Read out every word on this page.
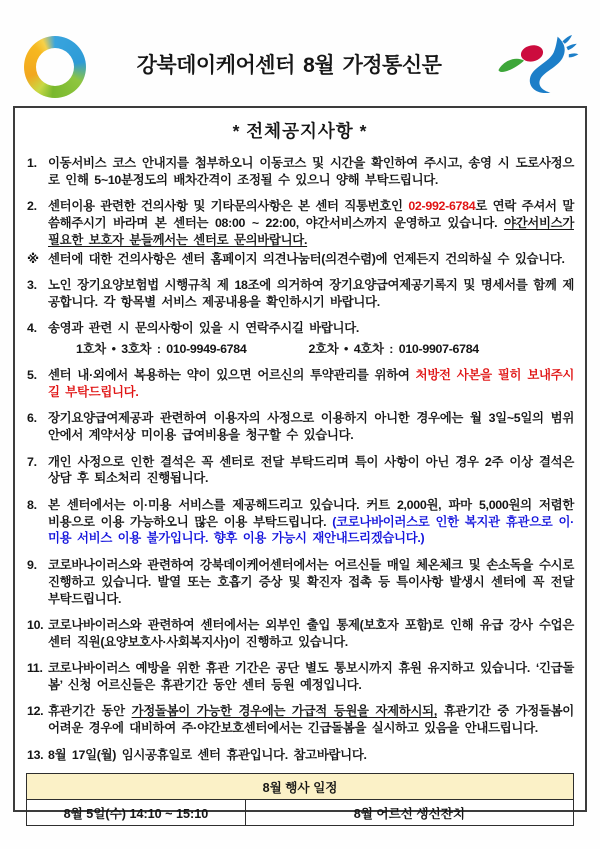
강북데이케어센터 8월 가정통신문
* 전체공지사항 *

1. 이동서비스 코스 안내지를 첨부하오니 이동코스 및 시간을 확인하여 주시고, 송영 시 도로사정으로 인해 5~10분정도의 배차간격이 조정될 수 있으니 양해 부탁드립니다.

2. 센터이용 관련한 건의사항 및 기타문의사항은 본 센터 직통번호인 02-992-6784로 연락 주셔서 말씀해주시기 바라며 본 센터는 08:00 ~ 22:00, 야간서비스까지 운영하고 있습니다. 야간서비스가 필요한 보호자 분들께서는 센터로 문의바랍니다.

※ 센터에 대한 건의사항은 센터 홈페이지 의견나눔터(의견수렴)에 언제든지 건의하실 수 있습니다.

3. 노인 장기요양보험법 시행규칙 제 18조에 의거하여 장기요양급여제공기록지 및 명세서를 함께 제공합니다. 각 항목별 서비스 제공내용을 확인하시기 바랍니다.

4. 송영과 관련 시 문의사항이 있을 시 연락주시길 바랍니다.

1호차 • 3호차 : 010-9949-6784	2호차 • 4호차 : 010-9907-6784

5. 센터 내·외에서 복용하는 약이 있으면 어르신의 투약관리를 위하여 처방전 사본을 필히 보내주시길 부탁드립니다.

6. 장기요양급여제공과 관련하여 이용자의 사정으로 이용하지 아니한 경우에는 월 3일~5일의 범위 안에서 계약서상 미이용 급여비용을 청구할 수 있습니다.

7. 개인 사정으로 인한 결석은 꼭 센터로 전달 부탁드리며 특이 사항이 아닌 경우 2주 이상 결석은 상담 후 퇴소처리 진행됩니다.

8. 본 센터에서는 이·미용 서비스를 제공해드리고 있습니다. 커트 2,000원, 파마 5,000원의 저렴한 비용으로 이용 가능하오니 많은 이용 부탁드립니다. (코로나바이러스로 인한 복지관 휴관으로 이·미용 서비스 이용 불가입니다. 향후 이용 가능시 재안내드리겠습니다.)

9. 코로바나이러스와 관련하여 강북데이케어센터에서는 어르신들 매일 체온체크 및 손소독을 수시로 진행하고 있습니다. 발열 또는 호흡기 증상 및 확진자 접촉 등 특이사항 발생시 센터에 꼭 전달 부탁드립니다.

10. 코로나바이러스와 관련하여 센터에서는 외부인 출입 통제(보호자 포함)로 인해 유급 강사 수업은 센터 직원(요양보호사·사회복지사)이 진행하고 있습니다.

11. 코로나바이러스 예방을 위한 휴관 기간은 공단 별도 통보시까지 휴원 유지하고 있습니다. ‘긴급돌봄’ 신청 어르신들은 휴관기간 동안 센터 등원 예정입니다.

12. 휴관기간 동안 가정돌봄이 가능한 경우에는 가급적 등원을 자제하시되, 휴관기간 중 가정돌봄이 어려운 경우에 대비하여 주·야간보호센터에서는 긴급돌봄을 실시하고 있음을 안내드립니다.

13. 8월 17일(월) 임시공휴일로 센터 휴관입니다. 참고바랍니다.

8월 행사 일정
8월 5일(수) 14:10 ~ 15:10	8월 어르신 생신잔치
